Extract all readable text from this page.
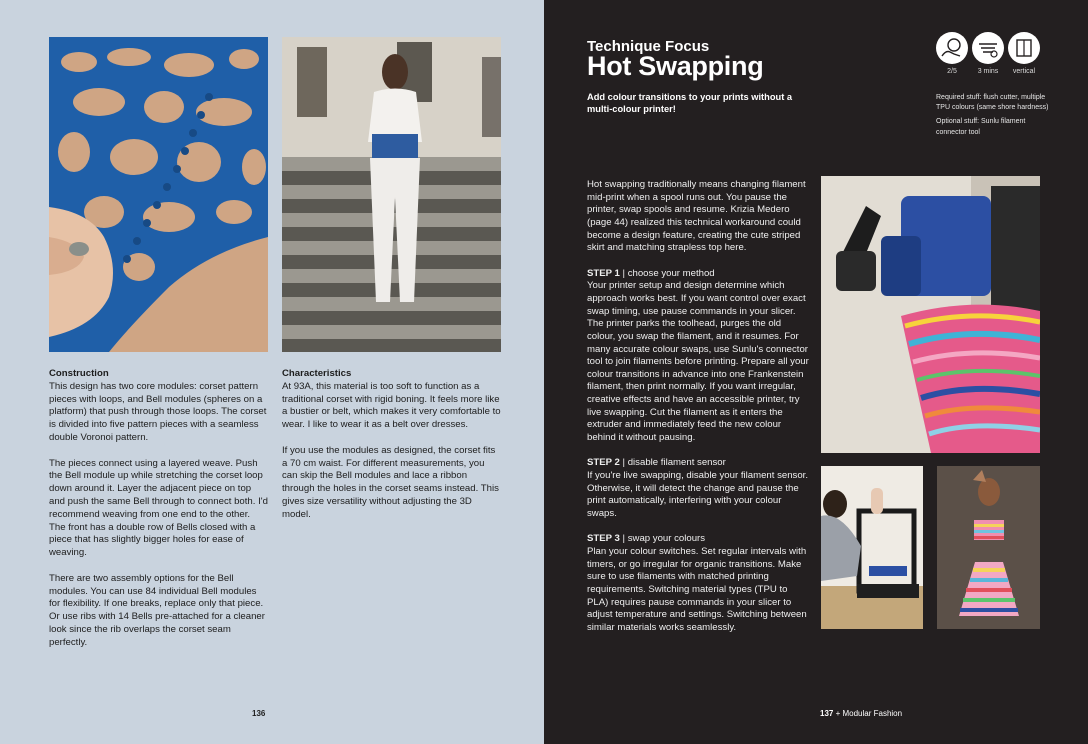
Construction

This design has two core modules: corset pattern pieces with loops, and Bell modules (spheres on a platform) that push through those loops. The corset is divided into five pattern pieces with a seamless double Voronoi pattern.

The pieces connect using a layered weave. Push the Bell module up while stretching the corset loop down around it. Layer the adjacent piece on top and push the same Bell through to connect both. I'd recommend weaving from one end to the other. The front has a double row of Bells closed with a piece that has slightly bigger holes for ease of weaving.

There are two assembly options for the Bell modules. You can use 84 individual Bell modules for flexibility. If one breaks, replace only that piece. Or use ribs with 14 Bells pre-attached for a cleaner look since the rib overlaps the corset seam perfectly.

Characteristics

At 93A, this material is too soft to function as a traditional corset with rigid boning. It feels more like a bustier or belt, which makes it very comfortable to wear. I like to wear it as a belt over dresses.

If you use the modules as designed, the corset fits a 70 cm waist. For different measurements, you can skip the Bell modules and lace a ribbon through the holes in the corset seams instead. This gives size versatility without adjusting the 3D model.

136
Technique Focus
Hot Swapping
Add colour transitions to your prints without a multi-colour printer!
2/5	3 mins	vertical

Required stuff: flush cutter, multiple TPU colours (same shore hardness)

Optional stuff: Sunlu filament connector tool

Hot swapping traditionally means changing filament mid-print when a spool runs out. You pause the printer, swap spools and resume. Krizia Medero (page 44) realized this technical workaround could become a design feature, creating the cute striped skirt and matching strapless top here.

STEP 1 | choose your method
Your printer setup and design determine which approach works best. If you want control over exact swap timing, use pause commands in your slicer. The printer parks the toolhead, purges the old colour, you swap the filament, and it resumes. For many accurate colour swaps, use Sunlu's connector tool to join filaments before printing. Prepare all your colour transitions in advance into one Frankenstein filament, then print normally. If you want irregular, creative effects and have an accessible printer, try live swapping. Cut the filament as it enters the extruder and immediately feed the new colour behind it without pausing.

STEP 2 | disable filament sensor
If you're live swapping, disable your filament sensor. Otherwise, it will detect the change and pause the print automatically, interfering with your colour swaps.

STEP 3 | swap your colours
Plan your colour switches. Set regular intervals with timers, or go irregular for organic transitions. Make sure to use filaments with matched printing requirements. Switching material types (TPU to PLA) requires pause commands in your slicer to adjust temperature and settings. Switching between similar materials works seamlessly.

137 + Modular Fashion
